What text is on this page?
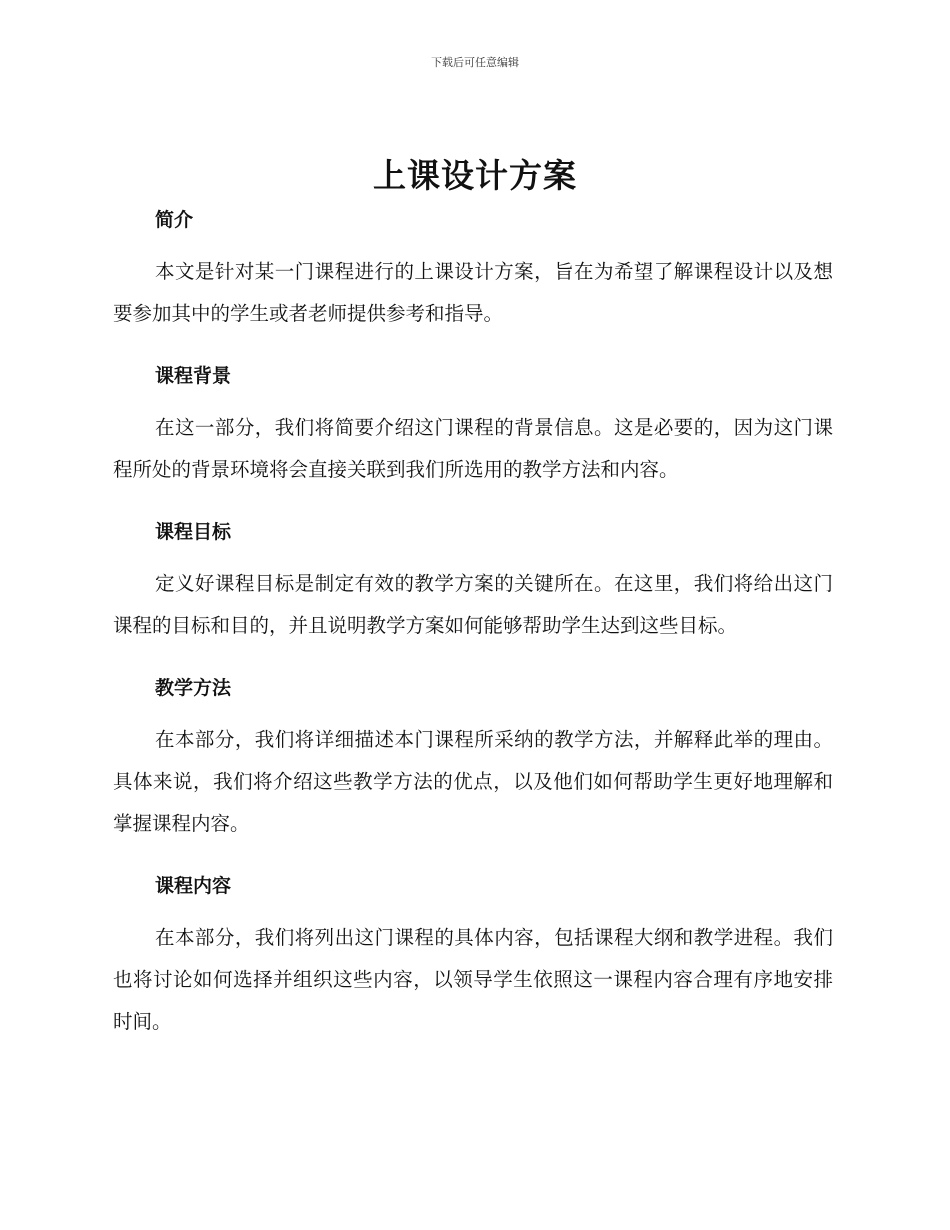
下载后可任意编辑
上课设计方案
简介

本文是针对某一门课程进行的上课设计方案，旨在为希望了解课程设计以及想要参加其中的学生或者老师提供参考和指导。

课程背景

在这一部分，我们将简要介绍这门课程的背景信息。这是必要的，因为这门课程所处的背景环境将会直接关联到我们所选用的教学方法和内容。

课程目标

定义好课程目标是制定有效的教学方案的关键所在。在这里，我们将给出这门课程的目标和目的，并且说明教学方案如何能够帮助学生达到这些目标。

教学方法

在本部分，我们将详细描述本门课程所采纳的教学方法，并解释此举的理由。具体来说，我们将介绍这些教学方法的优点，以及他们如何帮助学生更好地理解和掌握课程内容。

课程内容

在本部分，我们将列出这门课程的具体内容，包括课程大纲和教学进程。我们也将讨论如何选择并组织这些内容，以领导学生依照这一课程内容合理有序地安排时间。
